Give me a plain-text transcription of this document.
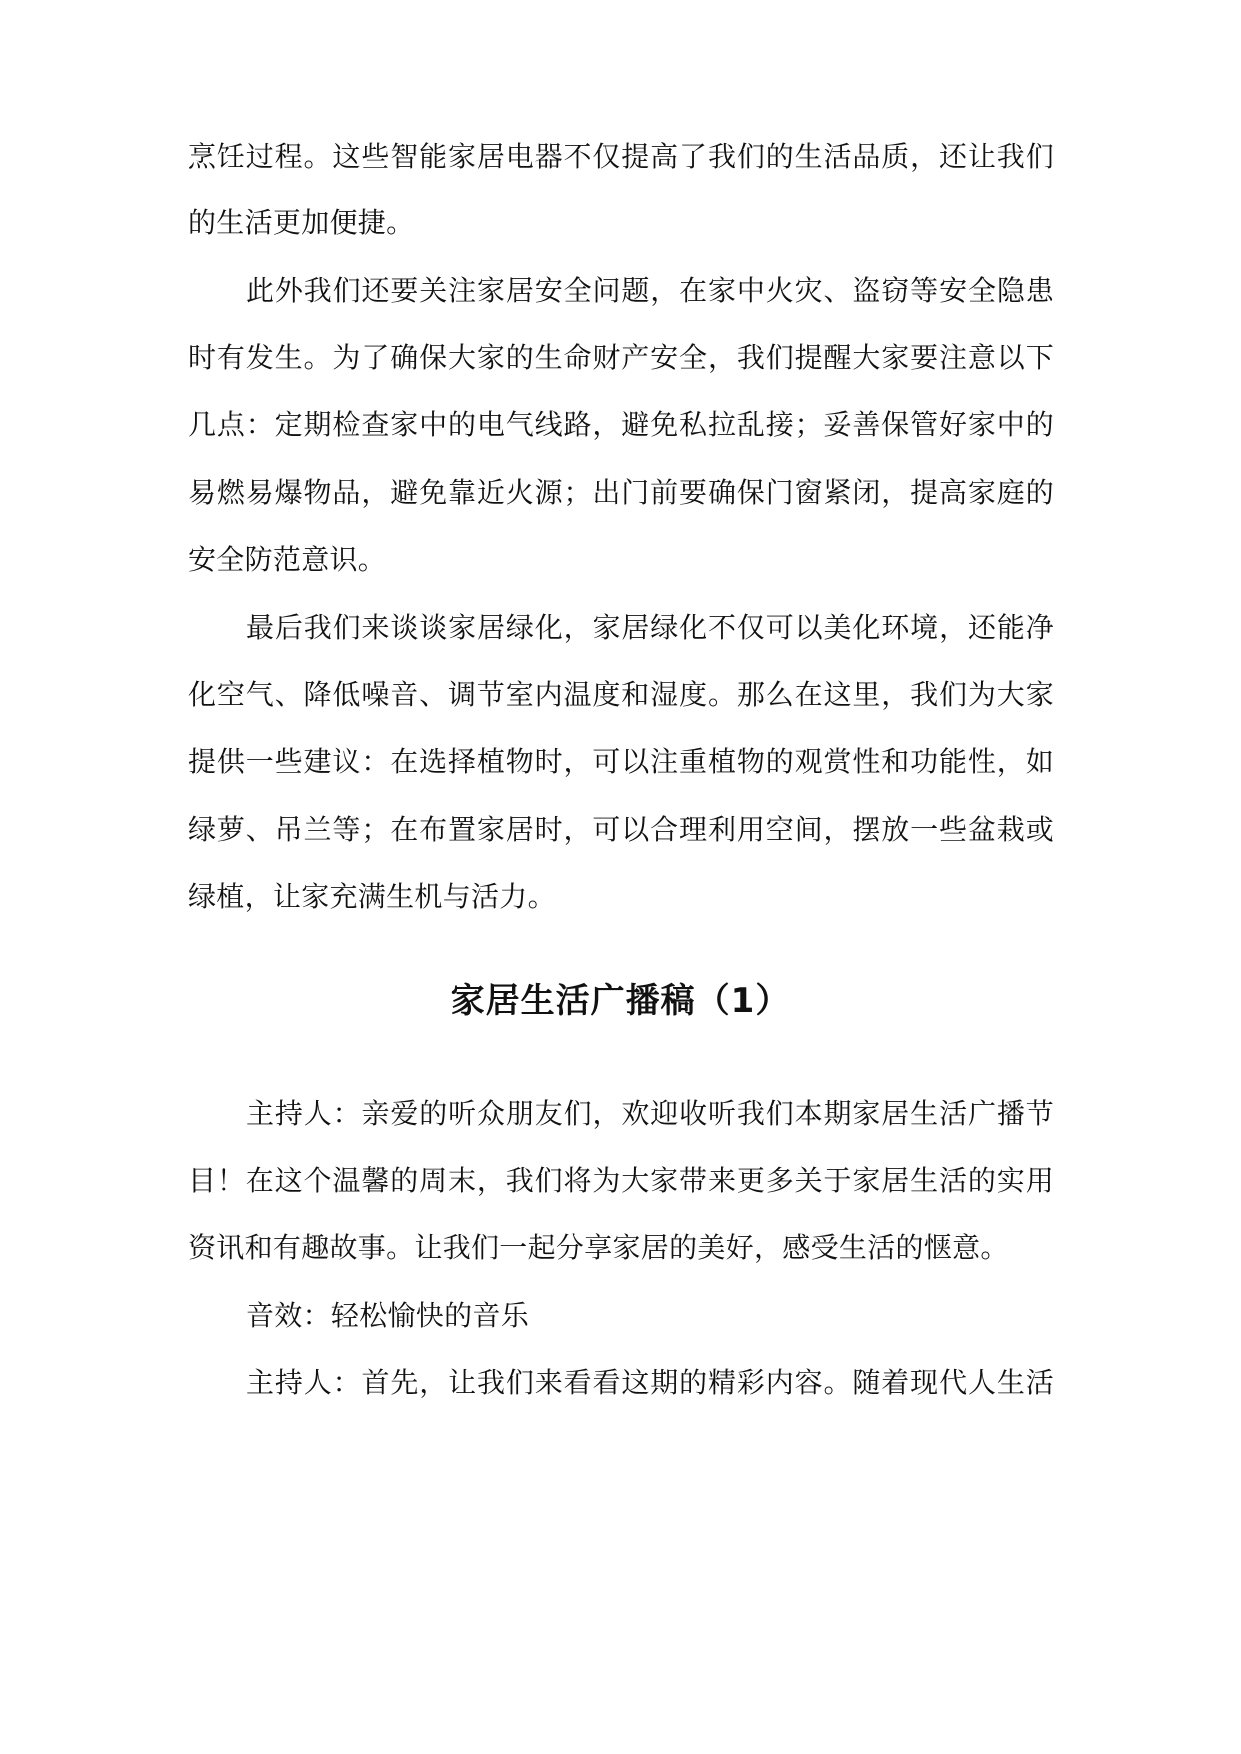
烹饪过程。这些智能家居电器不仅提高了我们的生活品质，还让我们
的生活更加便捷。
此外我们还要关注家居安全问题，在家中火灾、盗窃等安全隐患
时有发生。为了确保大家的生命财产安全，我们提醒大家要注意以下
几点：定期检查家中的电气线路，避免私拉乱接；妥善保管好家中的
易燃易爆物品，避免靠近火源；出门前要确保门窗紧闭，提高家庭的
安全防范意识。
最后我们来谈谈家居绿化，家居绿化不仅可以美化环境，还能净
化空气、降低噪音、调节室内温度和湿度。那么在这里，我们为大家
提供一些建议：在选择植物时，可以注重植物的观赏性和功能性，如
绿萝、吊兰等；在布置家居时，可以合理利用空间，摆放一些盆栽或
绿植，让家充满生机与活力。
家居生活广播稿（1）
主持人：亲爱的听众朋友们，欢迎收听我们本期家居生活广播节
目！在这个温馨的周末，我们将为大家带来更多关于家居生活的实用
资讯和有趣故事。让我们一起分享家居的美好，感受生活的惬意。
音效：轻松愉快的音乐
主持人：首先，让我们来看看这期的精彩内容。随着现代人生活
